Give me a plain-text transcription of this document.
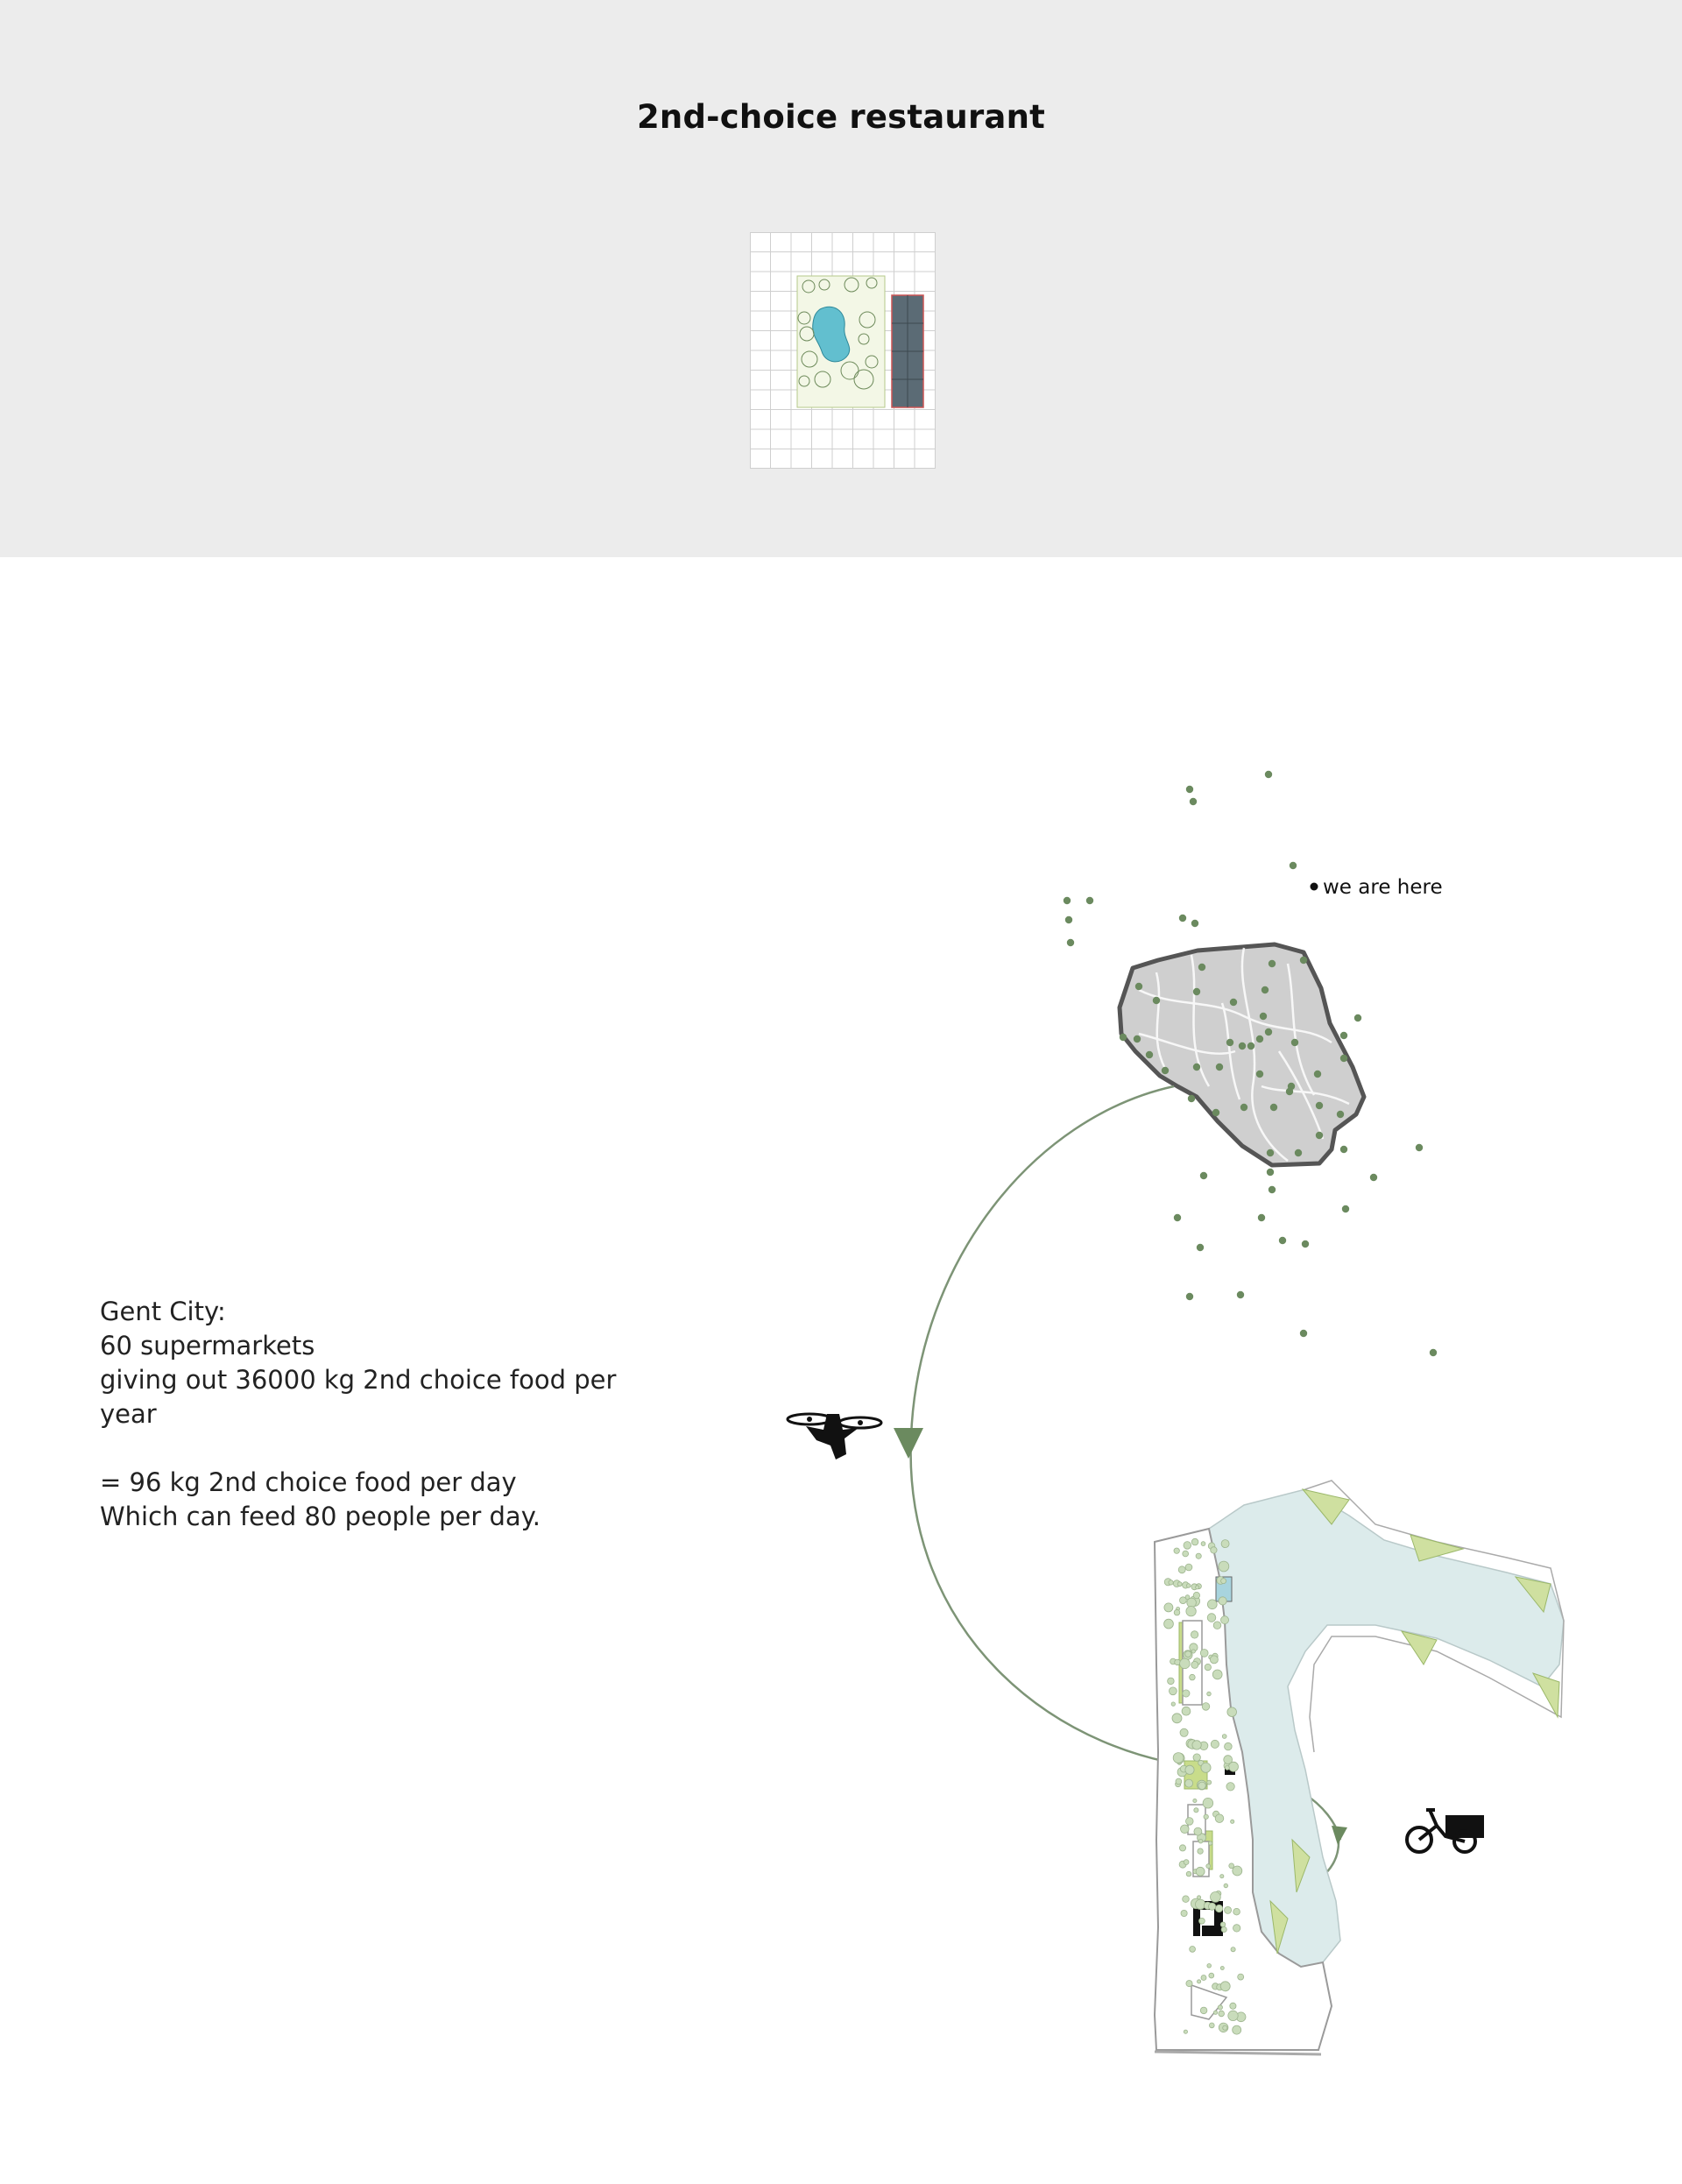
2nd-choice restaurant
Gent City:
60 supermarkets
giving out 36000 kg 2nd choice food per
year
= 96 kg 2nd choice food per day
Which can feed 80 people per day.
we are here
